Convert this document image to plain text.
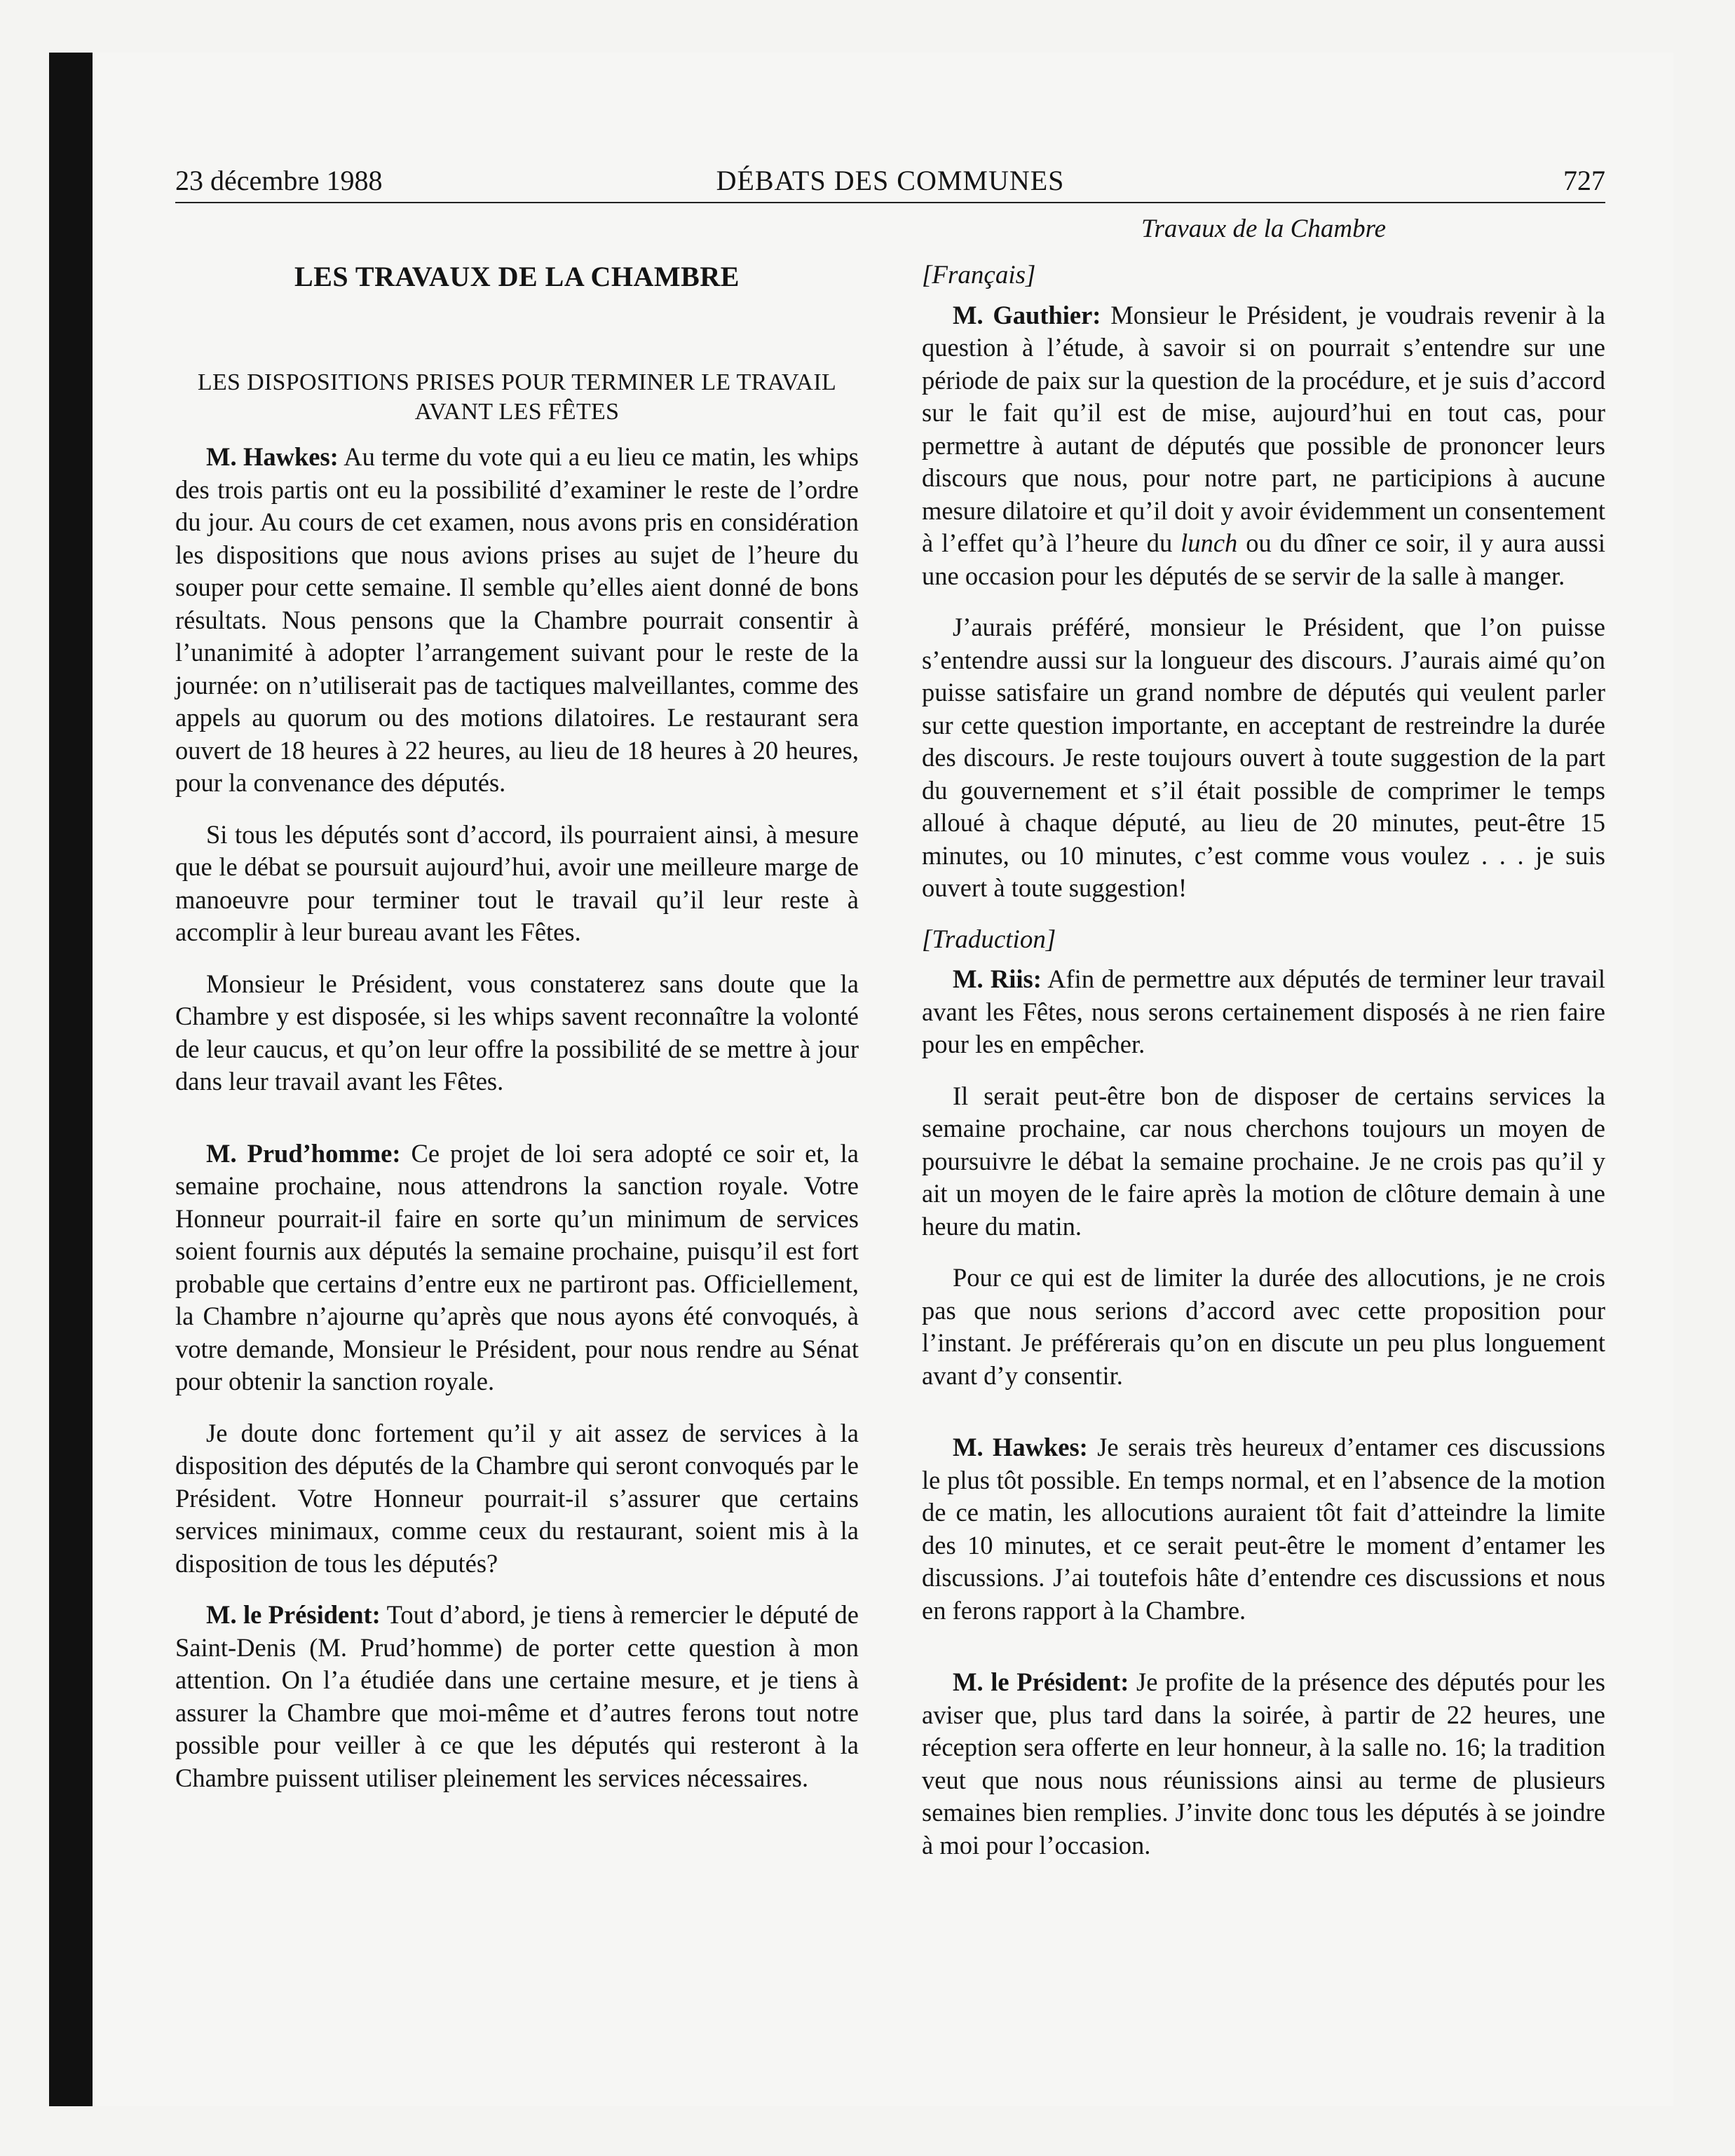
23 décembre 1988	DÉBATS DES COMMUNES	727
Travaux de la Chambre
LES TRAVAUX DE LA CHAMBRE
LES DISPOSITIONS PRISES POUR TERMINER LE TRAVAIL
AVANT LES FÊTES

M. Hawkes: Au terme du vote qui a eu lieu ce matin, les whips des trois partis ont eu la possibilité d’examiner le reste de l’ordre du jour. Au cours de cet examen, nous avons pris en considération les dispositions que nous avions prises au sujet de l’heure du souper pour cette semaine. Il semble qu’elles aient donné de bons résultats. Nous pensons que la Chambre pourrait consentir à l’unanimité à adopter l’arrangement suivant pour le reste de la journée: on n’utiliserait pas de tactiques malveillantes, comme des appels au quorum ou des motions dilatoires. Le restaurant sera ouvert de 18 heures à 22 heures, au lieu de 18 heures à 20 heures, pour la convenance des députés.

Si tous les députés sont d’accord, ils pourraient ainsi, à mesure que le débat se poursuit aujourd’hui, avoir une meilleure marge de manoeuvre pour terminer tout le travail qu’il leur reste à accomplir à leur bureau avant les Fêtes.

Monsieur le Président, vous constaterez sans doute que la Chambre y est disposée, si les whips savent reconnaître la volonté de leur caucus, et qu’on leur offre la possibilité de se mettre à jour dans leur travail avant les Fêtes.

M. Prud’homme: Ce projet de loi sera adopté ce soir et, la semaine prochaine, nous attendrons la sanction royale. Votre Honneur pourrait-il faire en sorte qu’un minimum de services soient fournis aux députés la semaine prochaine, puisqu’il est fort probable que certains d’entre eux ne partiront pas. Officiellement, la Chambre n’ajourne qu’après que nous ayons été convoqués, à votre demande, Monsieur le Président, pour nous rendre au Sénat pour obtenir la sanction royale.

Je doute donc fortement qu’il y ait assez de services à la disposition des députés de la Chambre qui seront convoqués par le Président. Votre Honneur pourrait-il s’assurer que certains services minimaux, comme ceux du restaurant, soient mis à la disposition de tous les députés?

M. le Président: Tout d’abord, je tiens à remercier le député de Saint-Denis (M. Prud’homme) de porter cette question à mon attention. On l’a étudiée dans une certaine mesure, et je tiens à assurer la Chambre que moi-même et d’autres ferons tout notre possible pour veiller à ce que les députés qui resteront à la Chambre puissent utiliser pleinement les services nécessaires.

[Français]

M. Gauthier: Monsieur le Président, je voudrais revenir à la question à l’étude, à savoir si on pourrait s’entendre sur une période de paix sur la question de la procédure, et je suis d’accord sur le fait qu’il est de mise, aujourd’hui en tout cas, pour permettre à autant de députés que possible de prononcer leurs discours que nous, pour notre part, ne participions à aucune mesure dilatoire et qu’il doit y avoir évidemment un consentement à l’effet qu’à l’heure du lunch ou du dîner ce soir, il y aura aussi une occasion pour les députés de se servir de la salle à manger.

J’aurais préféré, monsieur le Président, que l’on puisse s’entendre aussi sur la longueur des discours. J’aurais aimé qu’on puisse satisfaire un grand nombre de députés qui veulent parler sur cette question importante, en acceptant de restreindre la durée des discours. Je reste toujours ouvert à toute suggestion de la part du gouvernement et s’il était possible de comprimer le temps alloué à chaque député, au lieu de 20 minutes, peut-être 15 minutes, ou 10 minutes, c’est comme vous voulez . . . je suis ouvert à toute suggestion!

[Traduction]

M. Riis: Afin de permettre aux députés de terminer leur travail avant les Fêtes, nous serons certainement disposés à ne rien faire pour les en empêcher.

Il serait peut-être bon de disposer de certains services la semaine prochaine, car nous cherchons toujours un moyen de poursuivre le débat la semaine prochaine. Je ne crois pas qu’il y ait un moyen de le faire après la motion de clôture demain à une heure du matin.

Pour ce qui est de limiter la durée des allocutions, je ne crois pas que nous serions d’accord avec cette proposition pour l’instant. Je préférerais qu’on en discute un peu plus longuement avant d’y consentir.

M. Hawkes: Je serais très heureux d’entamer ces discussions le plus tôt possible. En temps normal, et en l’absence de la motion de ce matin, les allocutions auraient tôt fait d’atteindre la limite des 10 minutes, et ce serait peut-être le moment d’entamer les discussions. J’ai toutefois hâte d’entendre ces discussions et nous en ferons rapport à la Chambre.

M. le Président: Je profite de la présence des députés pour les aviser que, plus tard dans la soirée, à partir de 22 heures, une réception sera offerte en leur honneur, à la salle no. 16; la tradition veut que nous nous réunissions ainsi au terme de plusieurs semaines bien remplies. J’invite donc tous les députés à se joindre à moi pour l’occasion.
